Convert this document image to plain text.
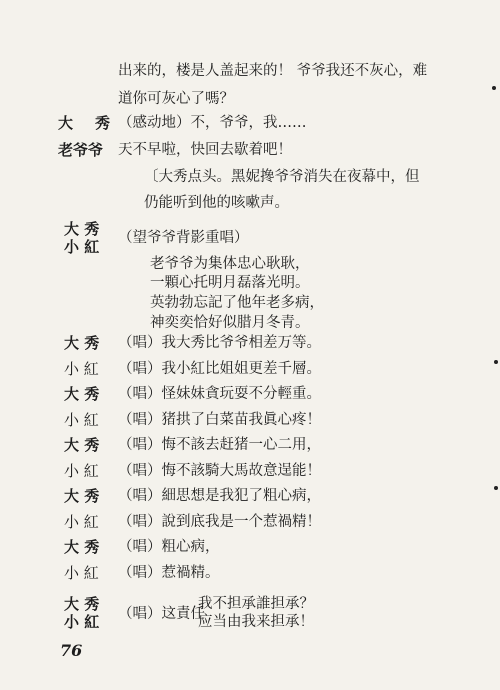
出来的，楼是人盖起来的！ 爷爷我还不灰心，难
道你可灰心了嗎？
大 秀 （感动地）不，爷爷，我……
老爷爷 天不早啦，快回去歇着吧！
〔大秀点头。黑妮搀爷爷消失在夜幕中，但
仍能听到他的咳嗽声。
大 秀
小 紅 （望爷爷背影重唱）
老爷爷为集体忠心耿耿，
一顆心托明月磊落光明。
英勃勃忘記了他年老多病，
神奕奕恰好似腊月冬青。
76
大 秀 （唱）我大秀比爷爷相差万等。
小 紅 （唱）我小紅比姐姐更差千層。
大 秀 （唱）怪妹妹貪玩耍不分輕重。
小 紅 （唱）猪拱了白菜苗我眞心疼！
大 秀 （唱）悔不該去赶猪一心二用，
小 紅 （唱）悔不該騎大馬故意逞能！
大 秀 （唱）細思想是我犯了粗心病，
小 紅 （唱）說到底我是一个惹禍精！
大 秀 （唱）粗心病，
小 紅 （唱）惹禍精。
大 秀
小 紅 （唱）这責任
我不担承誰担承？
应当由我来担承！
